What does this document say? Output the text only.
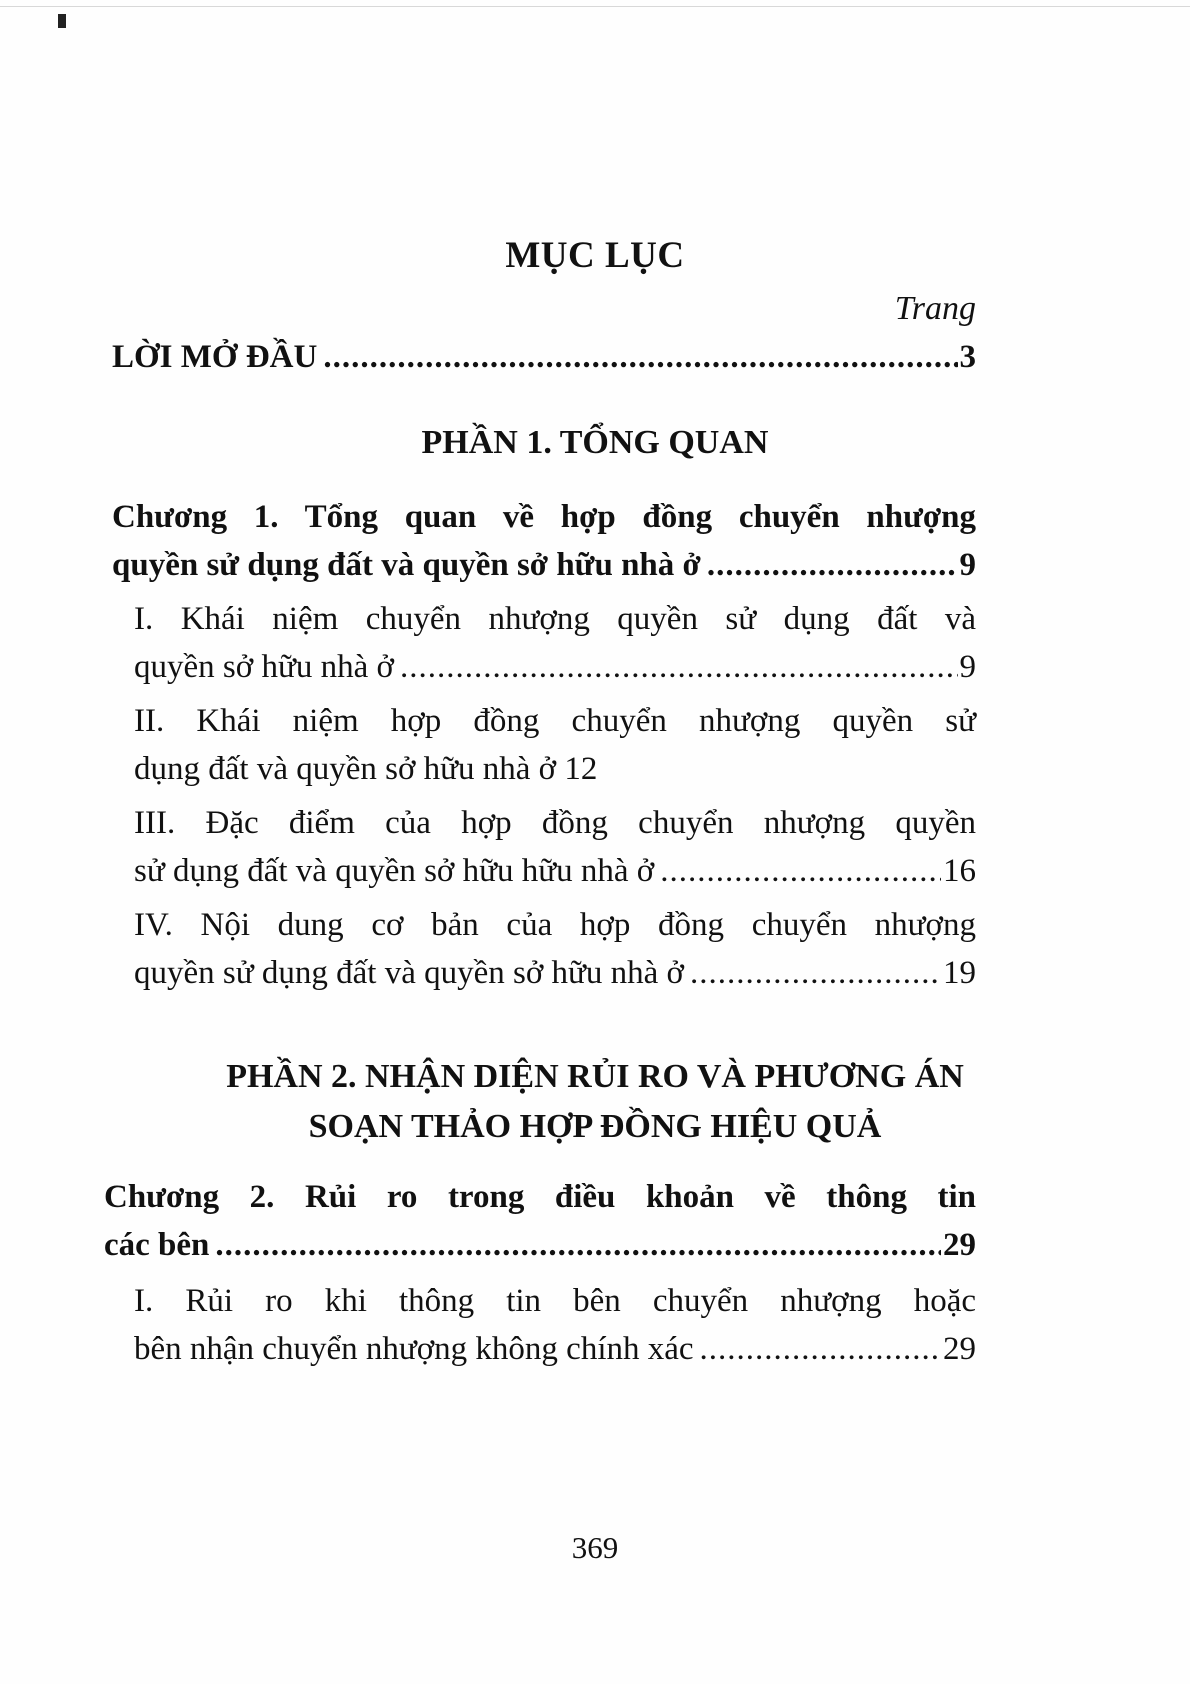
MỤC LỤC
Trang
LỜI MỞ ĐẦU .....	3
PHẦN 1. TỔNG QUAN
Chương 1. Tổng quan về hợp đồng chuyển nhượng
quyền sử dụng đất và quyền sở hữu nhà ở .....	9
I. Khái niệm chuyển nhượng quyền sử dụng đất và
quyền sở hữu nhà ở .....	9
II. Khái niệm hợp đồng chuyển nhượng quyền sử
dụng đất và quyền sở hữu nhà ở 12
III. Đặc điểm của hợp đồng chuyển nhượng quyền
sử dụng đất và quyền sở hữu hữu nhà ở .....	16
IV. Nội dung cơ bản của hợp đồng chuyển nhượng
quyền sử dụng đất và quyền sở hữu nhà ở .....	19
PHẦN 2. NHẬN DIỆN RỦI RO VÀ PHƯƠNG ÁN
SOẠN THẢO HỢP ĐỒNG HIỆU QUẢ
Chương 2. Rủi ro trong điều khoản về thông tin
các bên .....	29
I. Rủi ro khi thông tin bên chuyển nhượng hoặc
bên nhận chuyển nhượng không chính xác .....	29
369
